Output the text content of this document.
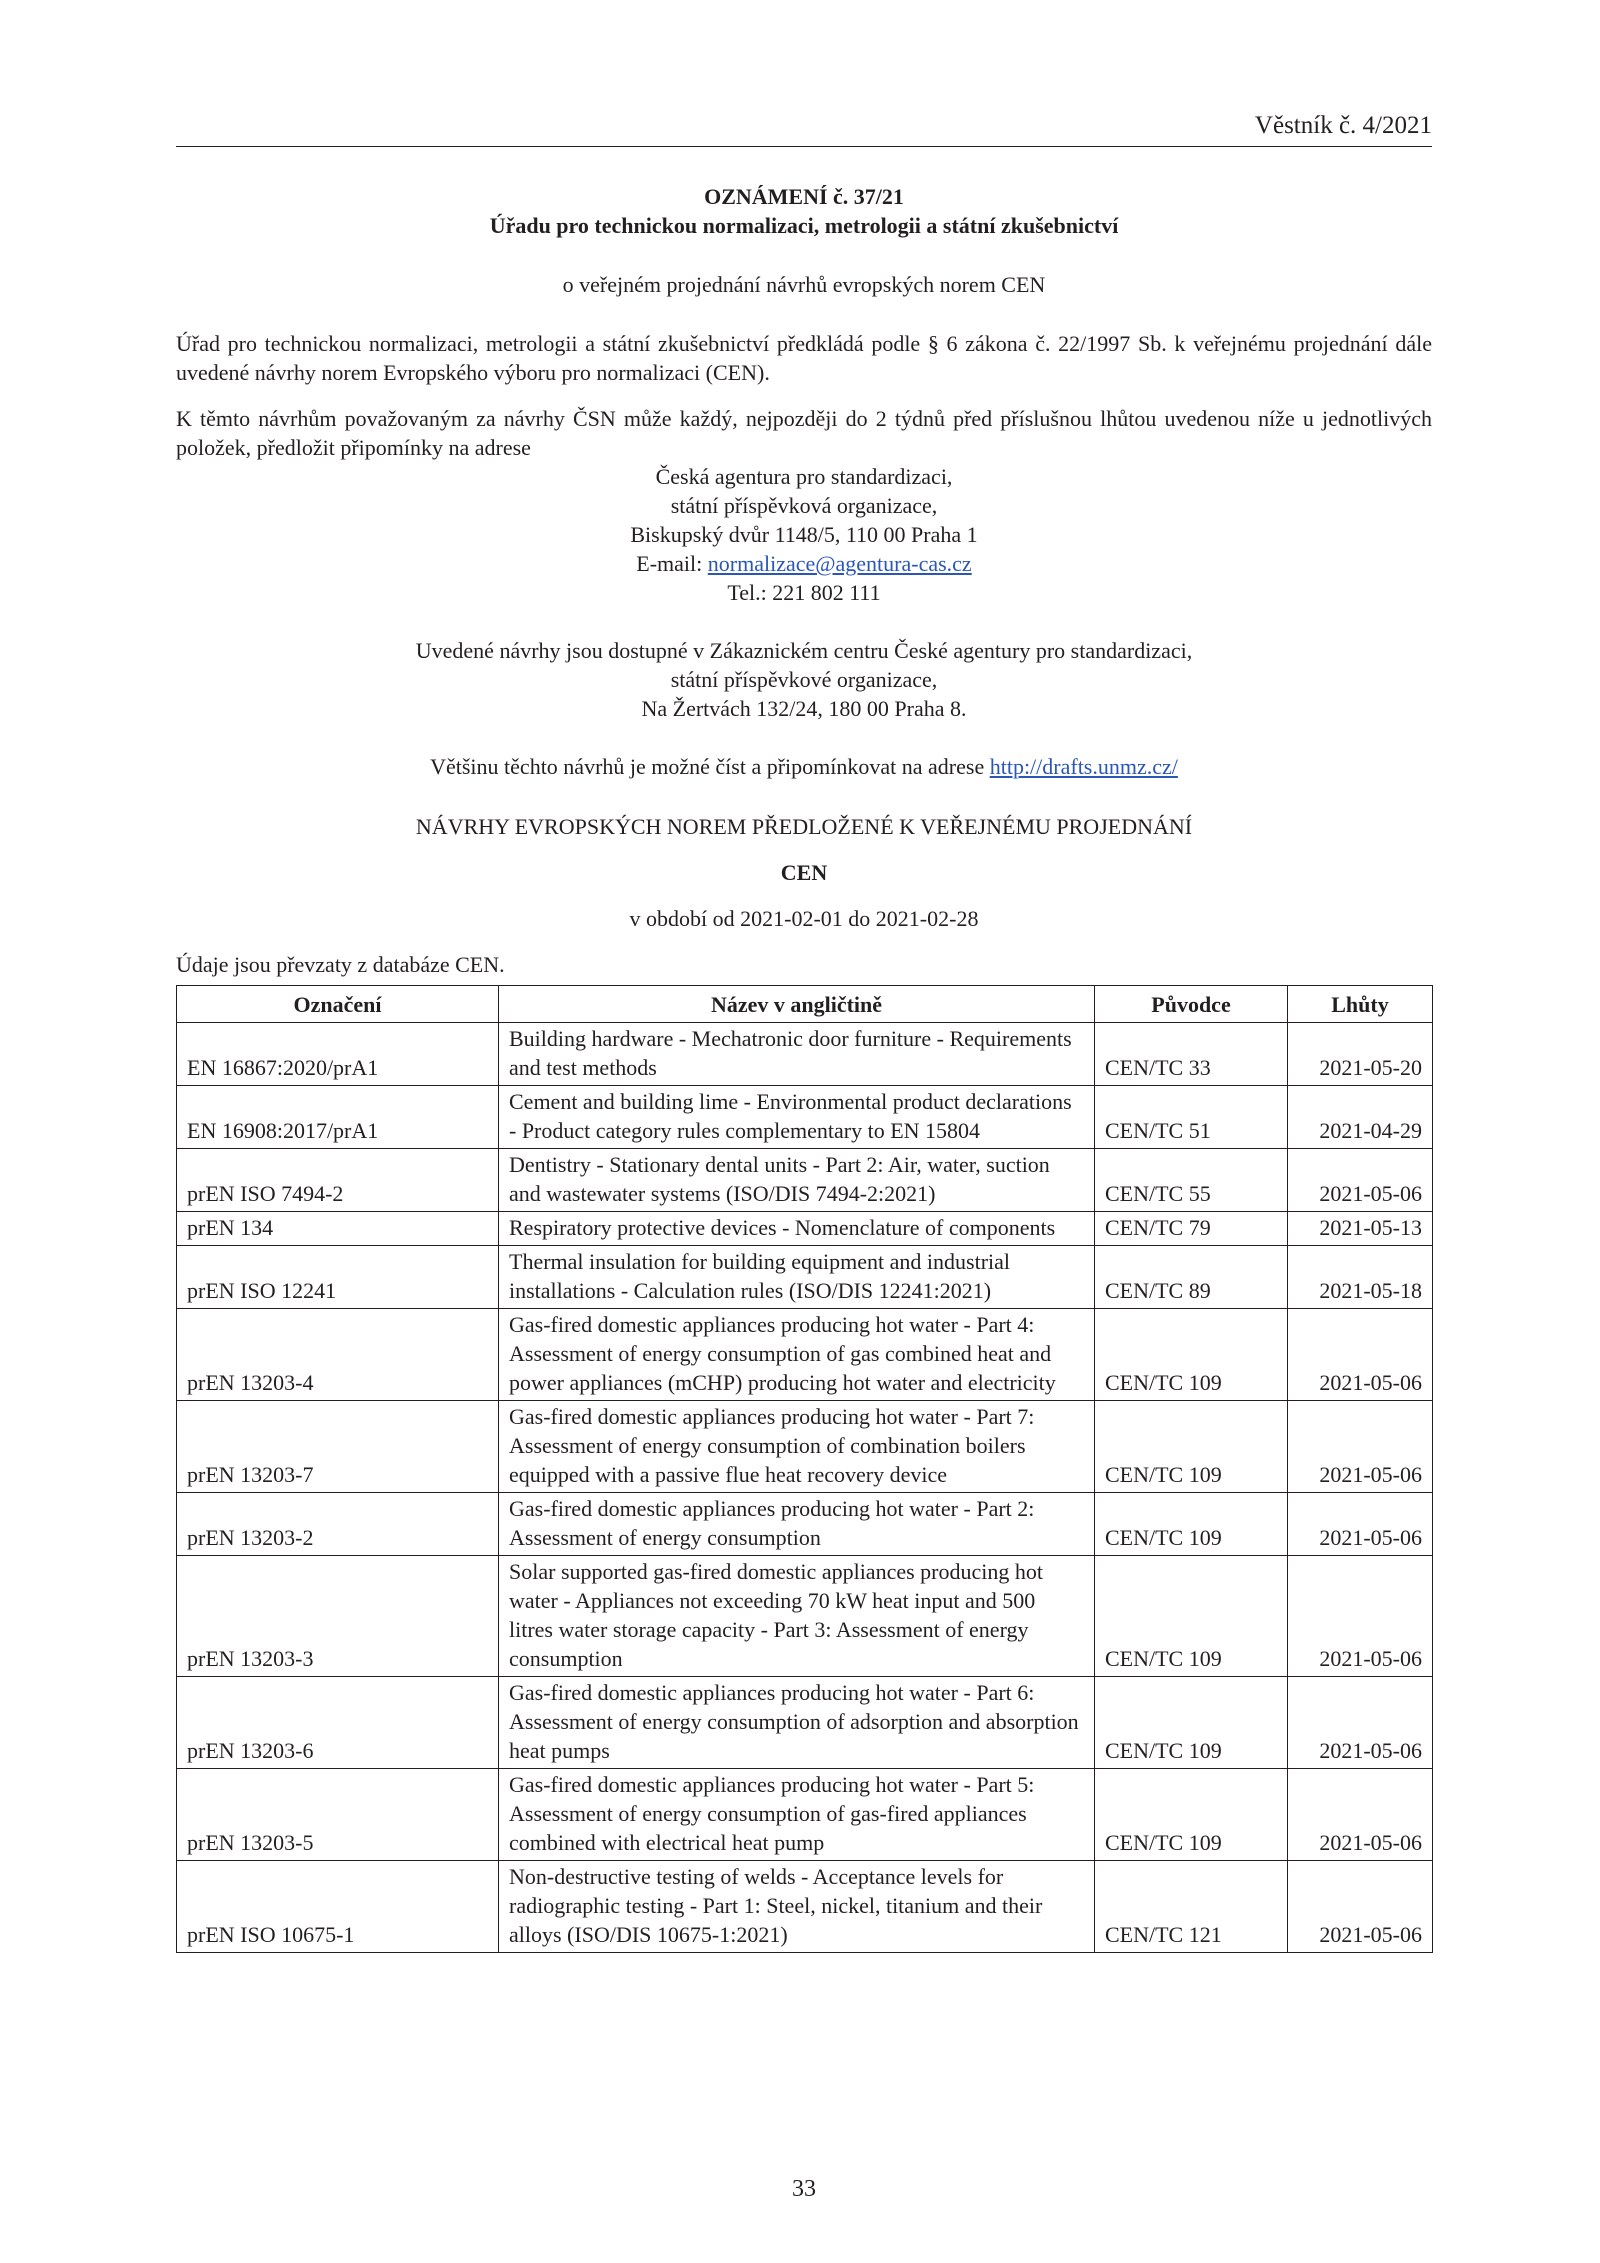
Věstník č. 4/2021
OZNÁMENÍ č. 37/21
Úřadu pro technickou normalizaci, metrologii a státní zkušebnictví
o veřejném projednání návrhů evropských norem CEN
Úřad pro technickou normalizaci, metrologii a státní zkušebnictví předkládá podle § 6 zákona č. 22/1997 Sb. k veřejnému projednání dále uvedené návrhy norem Evropského výboru pro normalizaci (CEN).
K těmto návrhům považovaným za návrhy ČSN může každý, nejpozději do 2 týdnů před příslušnou lhůtou uvedenou níže u jednotlivých položek, předložit připomínky na adrese
Česká agentura pro standardizaci,
státní příspěvková organizace,
Biskupský dvůr 1148/5, 110 00 Praha 1
E-mail: normalizace@agentura-cas.cz
Tel.: 221 802 111
Uvedené návrhy jsou dostupné v Zákaznickém centru České agentury pro standardizaci,
státní příspěvkové organizace,
Na Žertvách 132/24, 180 00 Praha 8.
Většinu těchto návrhů je možné číst a připomínkovat na adrese http://drafts.unmz.cz/
NÁVRHY EVROPSKÝCH NOREM PŘEDLOŽENÉ K VEŘEJNÉMU PROJEDNÁNÍ
CEN
v období od 2021-02-01 do 2021-02-28
Údaje jsou převzaty z databáze CEN.
Označení	Název v angličtině	Původce	Lhůty
EN 16867:2020/prA1	Building hardware - Mechatronic door furniture - Requirements and test methods	CEN/TC 33	2021-05-20
EN 16908:2017/prA1	Cement and building lime - Environmental product declarations - Product category rules complementary to EN 15804	CEN/TC 51	2021-04-29
prEN ISO 7494-2	Dentistry - Stationary dental units - Part 2: Air, water, suction and wastewater systems (ISO/DIS 7494-2:2021)	CEN/TC 55	2021-05-06
prEN 134	Respiratory protective devices - Nomenclature of components	CEN/TC 79	2021-05-13
prEN ISO 12241	Thermal insulation for building equipment and industrial installations - Calculation rules (ISO/DIS 12241:2021)	CEN/TC 89	2021-05-18
prEN 13203-4	Gas-fired domestic appliances producing hot water - Part 4: Assessment of energy consumption of gas combined heat and power appliances (mCHP) producing hot water and electricity	CEN/TC 109	2021-05-06
prEN 13203-7	Gas-fired domestic appliances producing hot water - Part 7: Assessment of energy consumption of combination boilers equipped with a passive flue heat recovery device	CEN/TC 109	2021-05-06
prEN 13203-2	Gas-fired domestic appliances producing hot water - Part 2: Assessment of energy consumption	CEN/TC 109	2021-05-06
prEN 13203-3	Solar supported gas-fired domestic appliances producing hot water - Appliances not exceeding 70 kW heat input and 500 litres water storage capacity - Part 3: Assessment of energy consumption	CEN/TC 109	2021-05-06
prEN 13203-6	Gas-fired domestic appliances producing hot water - Part 6: Assessment of energy consumption of adsorption and absorption heat pumps	CEN/TC 109	2021-05-06
prEN 13203-5	Gas-fired domestic appliances producing hot water - Part 5: Assessment of energy consumption of gas-fired appliances combined with electrical heat pump	CEN/TC 109	2021-05-06
prEN ISO 10675-1	Non-destructive testing of welds - Acceptance levels for radiographic testing - Part 1: Steel, nickel, titanium and their alloys (ISO/DIS 10675-1:2021)	CEN/TC 121	2021-05-06
33
